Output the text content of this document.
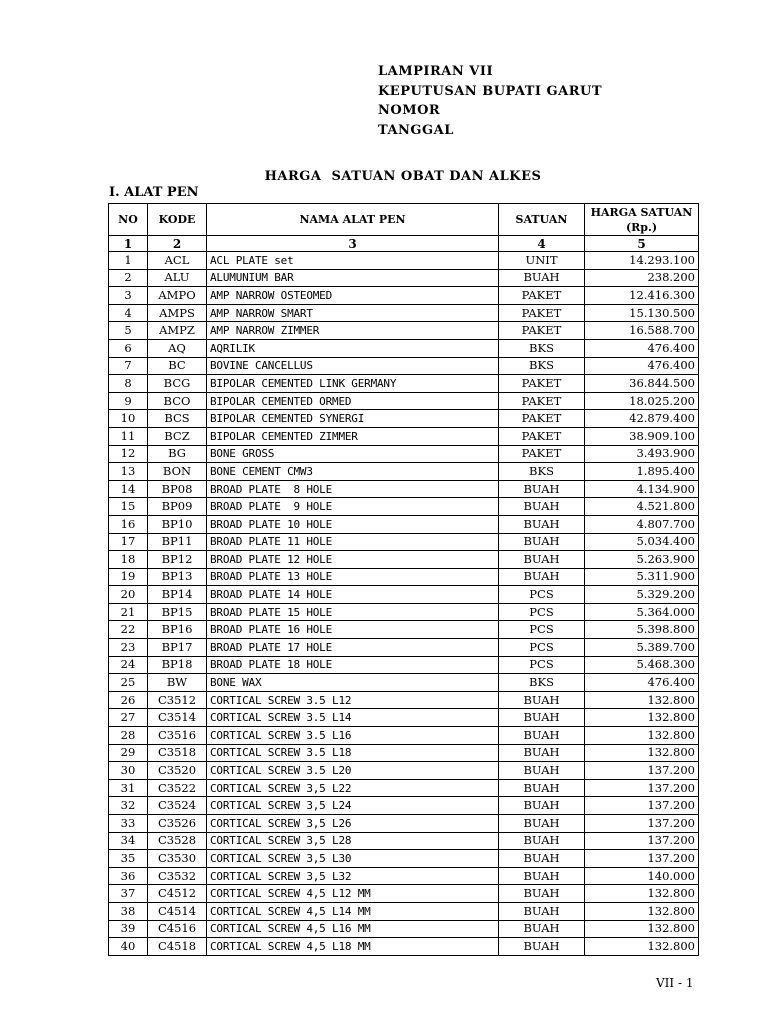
LAMPIRAN VII
KEPUTUSAN BUPATI GARUT
NOMOR
TANGGAL
HARGA  SATUAN OBAT DAN ALKES
I. ALAT PEN
NO	KODE	NAMA ALAT PEN	SATUAN	HARGA SATUAN (Rp.)
1	2	3	4	5
1	ACL	ACL PLATE set	UNIT	14.293.100
2	ALU	ALUMUNIUM BAR	BUAH	238.200
3	AMPO	AMP NARROW OSTEOMED	PAKET	12.416.300
4	AMPS	AMP NARROW SMART	PAKET	15.130.500
5	AMPZ	AMP NARROW ZIMMER	PAKET	16.588.700
6	AQ	AQRILIK	BKS	476.400
7	BC	BOVINE CANCELLUS	BKS	476.400
8	BCG	BIPOLAR CEMENTED LINK GERMANY	PAKET	36.844.500
9	BCO	BIPOLAR CEMENTED ORMED	PAKET	18.025.200
10	BCS	BIPOLAR CEMENTED SYNERGI	PAKET	42.879.400
11	BCZ	BIPOLAR CEMENTED ZIMMER	PAKET	38.909.100
12	BG	BONE GROSS	PAKET	3.493.900
13	BON	BONE CEMENT CMW3	BKS	1.895.400
14	BP08	BROAD PLATE  8 HOLE	BUAH	4.134.900
15	BP09	BROAD PLATE  9 HOLE	BUAH	4.521.800
16	BP10	BROAD PLATE 10 HOLE	BUAH	4.807.700
17	BP11	BROAD PLATE 11 HOLE	BUAH	5.034.400
18	BP12	BROAD PLATE 12 HOLE	BUAH	5.263.900
19	BP13	BROAD PLATE 13 HOLE	BUAH	5.311.900
20	BP14	BROAD PLATE 14 HOLE	PCS	5.329.200
21	BP15	BROAD PLATE 15 HOLE	PCS	5.364.000
22	BP16	BROAD PLATE 16 HOLE	PCS	5.398.800
23	BP17	BROAD PLATE 17 HOLE	PCS	5.389.700
24	BP18	BROAD PLATE 18 HOLE	PCS	5.468.300
25	BW	BONE WAX	BKS	476.400
26	C3512	CORTICAL SCREW 3.5 L12	BUAH	132.800
27	C3514	CORTICAL SCREW 3.5 L14	BUAH	132.800
28	C3516	CORTICAL SCREW 3.5 L16	BUAH	132.800
29	C3518	CORTICAL SCREW 3.5 L18	BUAH	132.800
30	C3520	CORTICAL SCREW 3.5 L20	BUAH	137.200
31	C3522	CORTICAL SCREW 3,5 L22	BUAH	137.200
32	C3524	CORTICAL SCREW 3,5 L24	BUAH	137.200
33	C3526	CORTICAL SCREW 3,5 L26	BUAH	137.200
34	C3528	CORTICAL SCREW 3,5 L28	BUAH	137.200
35	C3530	CORTICAL SCREW 3,5 L30	BUAH	137.200
36	C3532	CORTICAL SCREW 3,5 L32	BUAH	140.000
37	C4512	CORTICAL SCREW 4,5 L12 MM	BUAH	132.800
38	C4514	CORTICAL SCREW 4,5 L14 MM	BUAH	132.800
39	C4516	CORTICAL SCREW 4,5 L16 MM	BUAH	132.800
40	C4518	CORTICAL SCREW 4,5 L18 MM	BUAH	132.800
VII - 1
